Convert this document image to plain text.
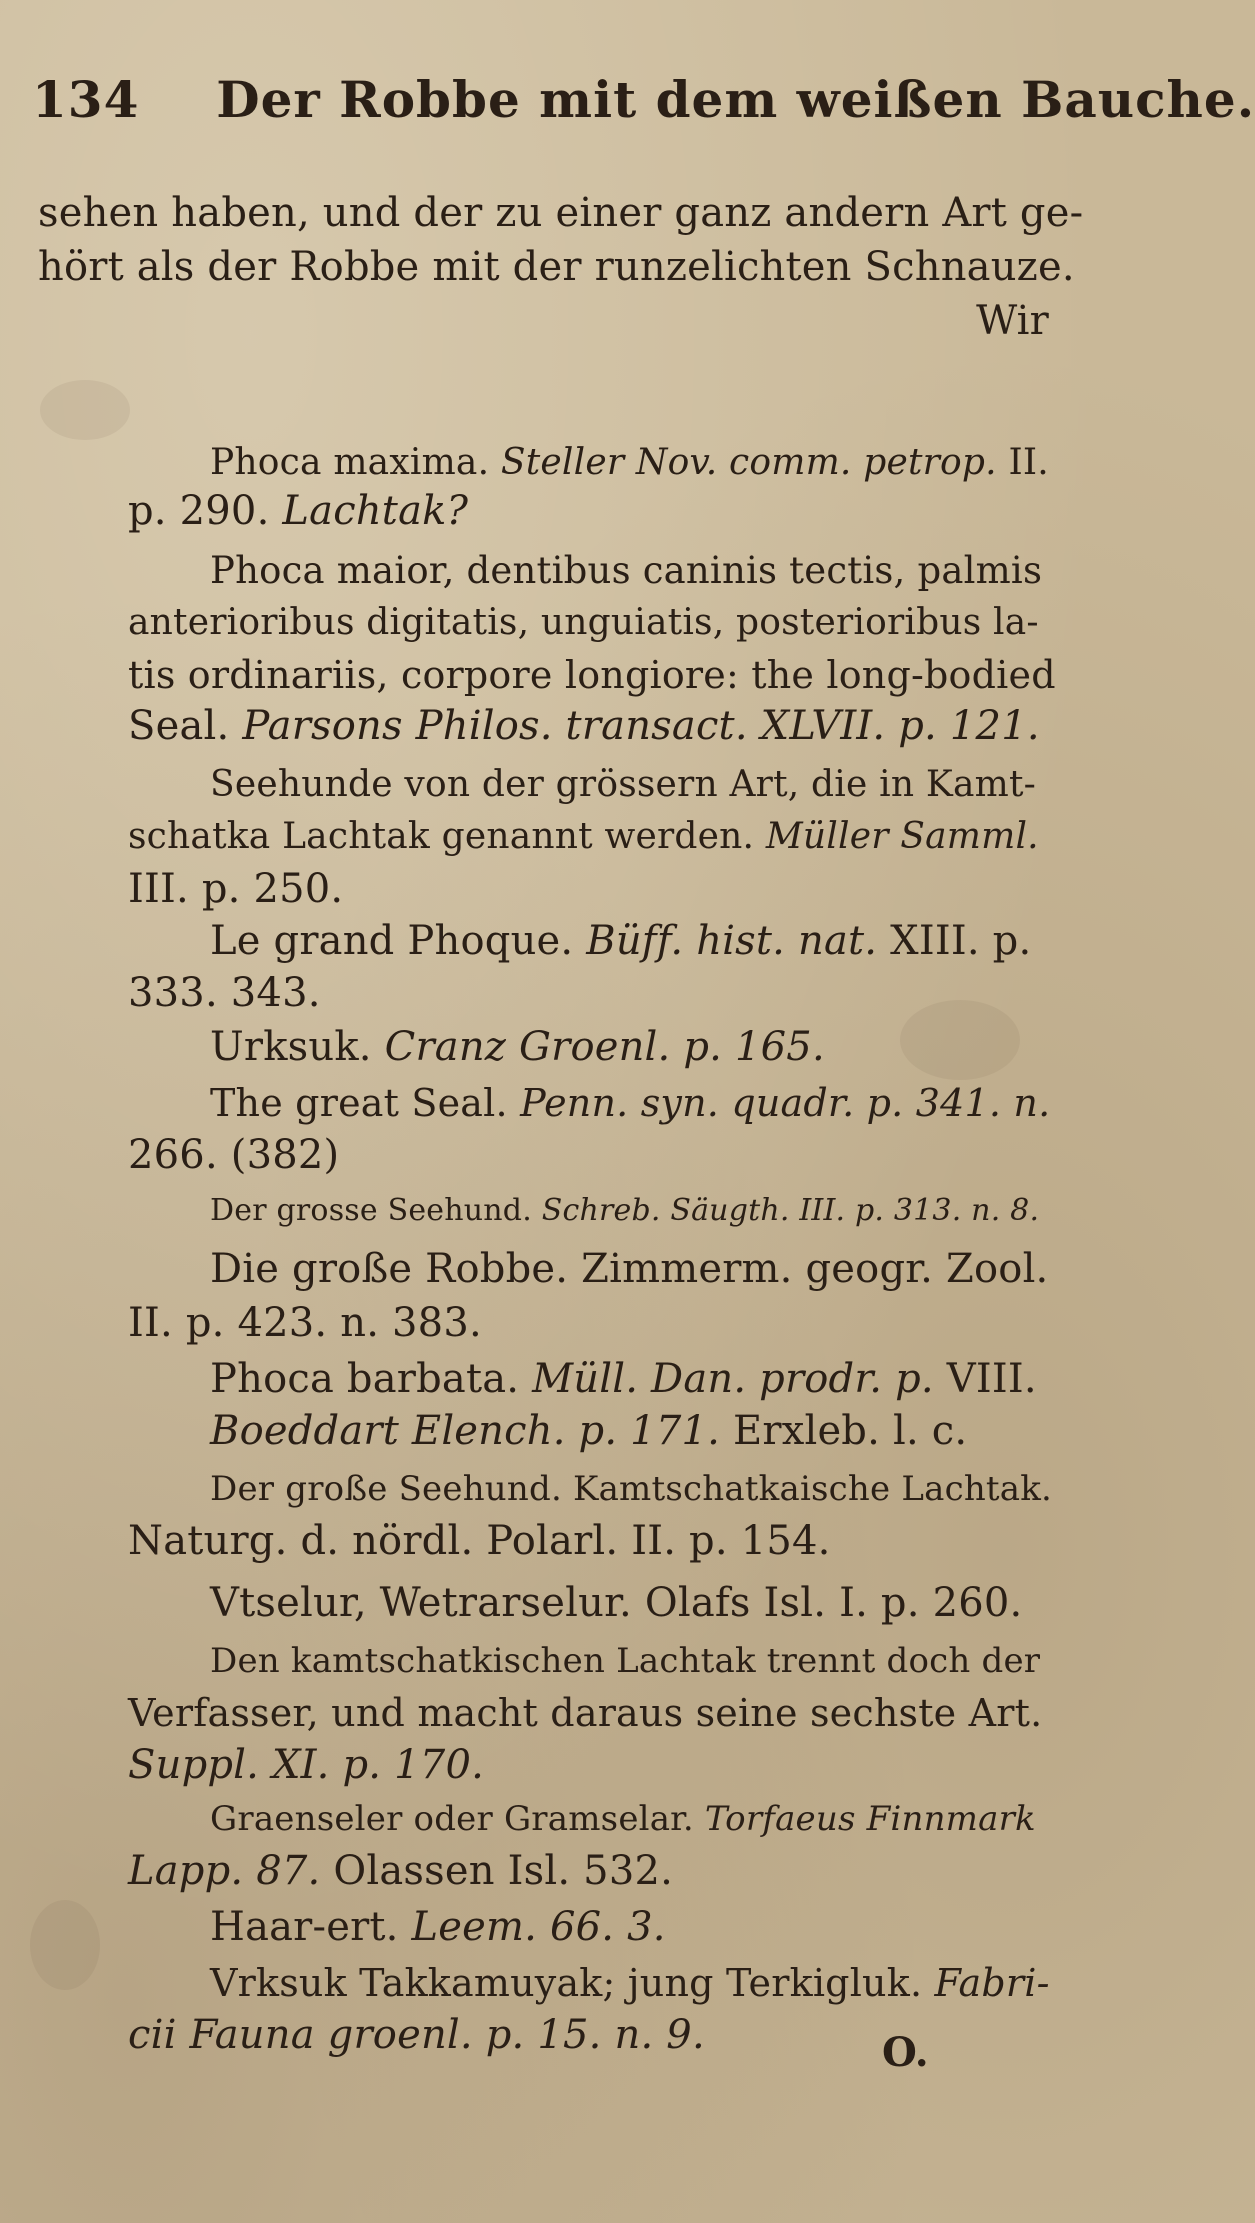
134 Der Robbe mit dem weißen Bauche.
sehen haben, und der zu einer ganz andern Art ge-
hört als der Robbe mit der runzelichten Schnauze.
Wir
Phoca maxima. Steller Nov. comm. petrop. II.
p. 290. Lachtak?
Phoca maior, dentibus caninis tectis, palmis
anterioribus digitatis, unguiatis, posterioribus la-
tis ordinariis, corpore longiore: the long-bodied
Seal. Parsons Philos. transact. XLVII. p. 121.
Seehunde von der grössern Art, die in Kamt-
schatka Lachtak genannt werden. Müller Samml.
III. p. 250.
Le grand Phoque. Büff. hist. nat. XIII. p.
333. 343.
Urksuk. Cranz Groenl. p. 165.
The great Seal. Penn. syn. quadr. p. 341. n.
266. (382)
Der grosse Seehund. Schreb. Säugth. III. p. 313. n. 8.
Die große Robbe. Zimmerm. geogr. Zool.
II. p. 423. n. 383.
Phoca barbata. Müll. Dan. prodr. p. VIII.
Boeddart Elench. p. 171. Erxleb. l. c.
Der große Seehund. Kamtschatkaische Lachtak.
Naturg. d. nördl. Polarl. II. p. 154.
Vtselur, Wetrarselur. Olafs Isl. I. p. 260.
Den kamtschatkischen Lachtak trennt doch der
Verfasser, und macht daraus seine sechste Art.
Suppl. XI. p. 170.
Graenseler oder Gramselar. Torfaeus Finnmark
Lapp. 87. Olassen Isl. 532.
Haar-ert. Leem. 66. 3.
Vrksuk Takkamuyak; jung Terkigluk. Fabri-
cii Fauna groenl. p. 15. n. 9.	O.
